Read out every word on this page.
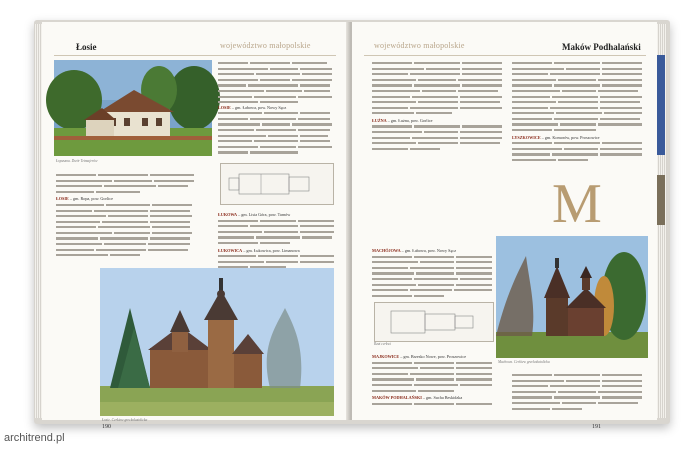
Łosie	województwo małopolskie
Łopuszna. Dwór Tetmajerów
LOSIE – gm. Łabowa, pow. Nowy Sącz
ŁOSIE – gm. Ropa, pow. Gorlice
ŁUKOWA – gm. Lisia Góra, pow. Tarnów
ŁUKOWICA – gm. Łukowica, pow. Limanowa
Łosie. Cerkiew greckokatolicka
190
województwo małopolskie	Maków Podhalański
ŁUŻNA – gm. Łużna, pow. Gorlice
LYSZKOWICE – gm. Komorów, pow. Proszowice
M
Machowa. Cerkiew greckokatolicka
MACHÓJOWA – gm. Łabowa, pow. Nowy Sącz
Rzut cerkwi
MAJKOWICE – gm. Brzesko Nowe, pow. Proszowice
MAKÓW PODHALAŃSKI – gm. Sucha Beskidzka
191
architrend.pl
